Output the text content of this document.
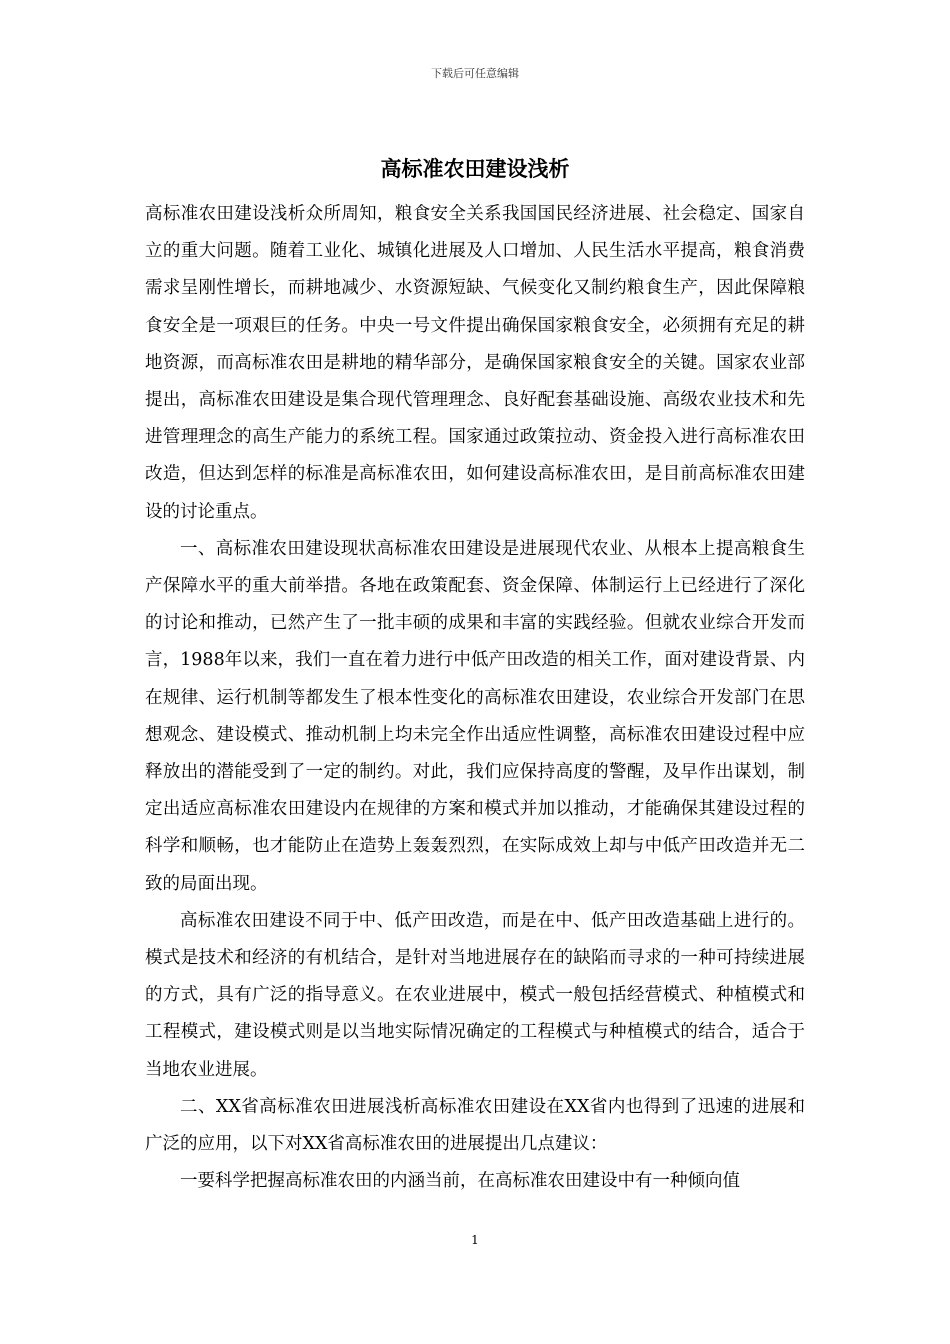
下载后可任意编辑
高标准农田建设浅析

高标准农田建设浅析众所周知，粮食安全关系我国国民经济进展、社会稳定、国家自立的重大问题。随着工业化、城镇化进展及人口增加、人民生活水平提高，粮食消费需求呈刚性增长，而耕地减少、水资源短缺、气候变化又制约粮食生产，因此保障粮食安全是一项艰巨的任务。中央一号文件提出确保国家粮食安全，必须拥有充足的耕地资源，而高标准农田是耕地的精华部分，是确保国家粮食安全的关键。国家农业部提出，高标准农田建设是集合现代管理理念、良好配套基础设施、高级农业技术和先进管理理念的高生产能力的系统工程。国家通过政策拉动、资金投入进行高标准农田改造，但达到怎样的标准是高标准农田，如何建设高标准农田，是目前高标准农田建设的讨论重点。

一、高标准农田建设现状高标准农田建设是进展现代农业、从根本上提高粮食生产保障水平的重大前举措。各地在政策配套、资金保障、体制运行上已经进行了深化的讨论和推动，已然产生了一批丰硕的成果和丰富的实践经验。但就农业综合开发而言，1988年以来，我们一直在着力进行中低产田改造的相关工作，面对建设背景、内在规律、运行机制等都发生了根本性变化的高标准农田建设，农业综合开发部门在思想观念、建设模式、推动机制上均未完全作出适应性调整，高标准农田建设过程中应释放出的潜能受到了一定的制约。对此，我们应保持高度的警醒，及早作出谋划，制定出适应高标准农田建设内在规律的方案和模式并加以推动，才能确保其建设过程的科学和顺畅，也才能防止在造势上轰轰烈烈，在实际成效上却与中低产田改造并无二致的局面出现。

高标准农田建设不同于中、低产田改造，而是在中、低产田改造基础上进行的。模式是技术和经济的有机结合，是针对当地进展存在的缺陷而寻求的一种可持续进展的方式，具有广泛的指导意义。在农业进展中，模式一般包括经营模式、种植模式和工程模式，建设模式则是以当地实际情况确定的工程模式与种植模式的结合，适合于当地农业进展。

二、XX省高标准农田进展浅析高标准农田建设在XX省内也得到了迅速的进展和广泛的应用，以下对XX省高标准农田的进展提出几点建议：

一要科学把握高标准农田的内涵当前，在高标准农田建设中有一种倾向值

1
